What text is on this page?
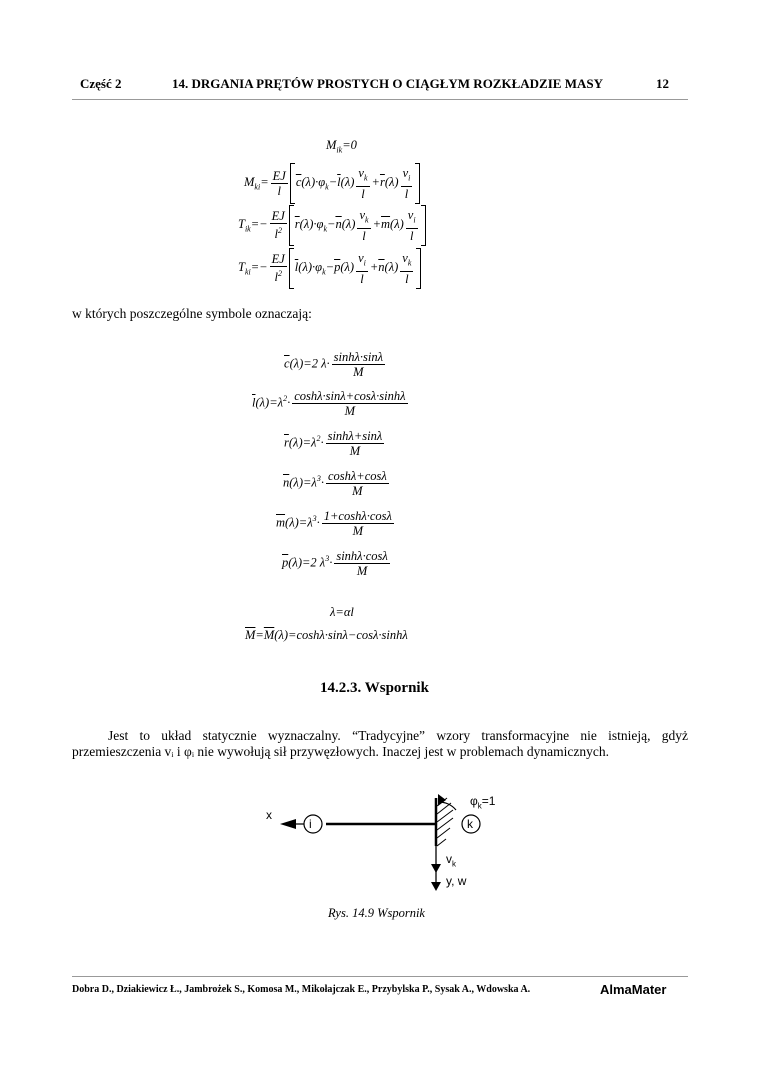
Część 2	14. DRGANIA PRĘTÓW PROSTYCH O CIĄGŁYM ROZKŁADZIE MASY	12
$M_{ik}=0$
$M_{ki}= \frac{EJ}{l} \overline{c}(\lambda)\cdot\varphi_k-\overline{l}(\lambda) \frac{v_k}{l} +\overline{r}(\lambda) \frac{v_i}{l}$
$T_{ik}=- \frac{EJ}{l^2} \overline{r}(\lambda)\cdot\varphi_k-\overline{n}(\lambda) \frac{v_k}{l} +\overline{m}(\lambda) \frac{v_i}{l}$
$T_{ki}=- \frac{EJ}{l^2} \overline{l}(\lambda)\cdot\varphi_k-\overline{p}(\lambda) \frac{v_i}{l} +\overline{n}(\lambda) \frac{v_k}{l}$
w których poszczególne symbole oznaczają:
$\overline{c}(\lambda)=2$ $\lambda\cdot \frac{\sinh\lambda\cdot\sin\lambda}{M}$
$\overline{l}(\lambda)=\lambda^2\cdot \frac{\cosh\lambda\cdot\sin\lambda+\cos\lambda\cdot\sinh\lambda}{M}$
$\overline{r}(\lambda)=\lambda^2\cdot \frac{\sinh\lambda+\sin\lambda}{M}$
$\overline{n}(\lambda)=\lambda^3\cdot \frac{\cosh\lambda+\cos\lambda}{M}$
$\overline{m}(\lambda)=\lambda^3\cdot \frac{1+\cosh\lambda\cdot\cos\lambda}{M}$
$\overline{p}(\lambda)=2$ $\lambda^3\cdot \frac{\sinh\lambda\cdot\cos\lambda}{M}$
λ=αl
$\overline{M}=\overline{M}(\lambda)=\cosh\lambda\cdot\sin\lambda-\cos\lambda\cdot\sinh\lambda$
14.2.3. Wspornik
Jest to układ statycznie wyznaczalny. “Tradycyjne” wzory transformacyjne nie istnieją, gdyż przemieszczenia vᵢ i φᵢ nie wywołują sił przywęzłowych. Inaczej jest w problemach dynamicznych.
x
i	k
$\varphi_k=1$
$v_k$
y, w
Rys. 14.9 Wspornik
Dobra D., Dziakiewicz Ł., Jambrożek S., Komosa M., Mikołajczak E., Przybylska P., Sysak A., Wdowska A.	AlmaMater
